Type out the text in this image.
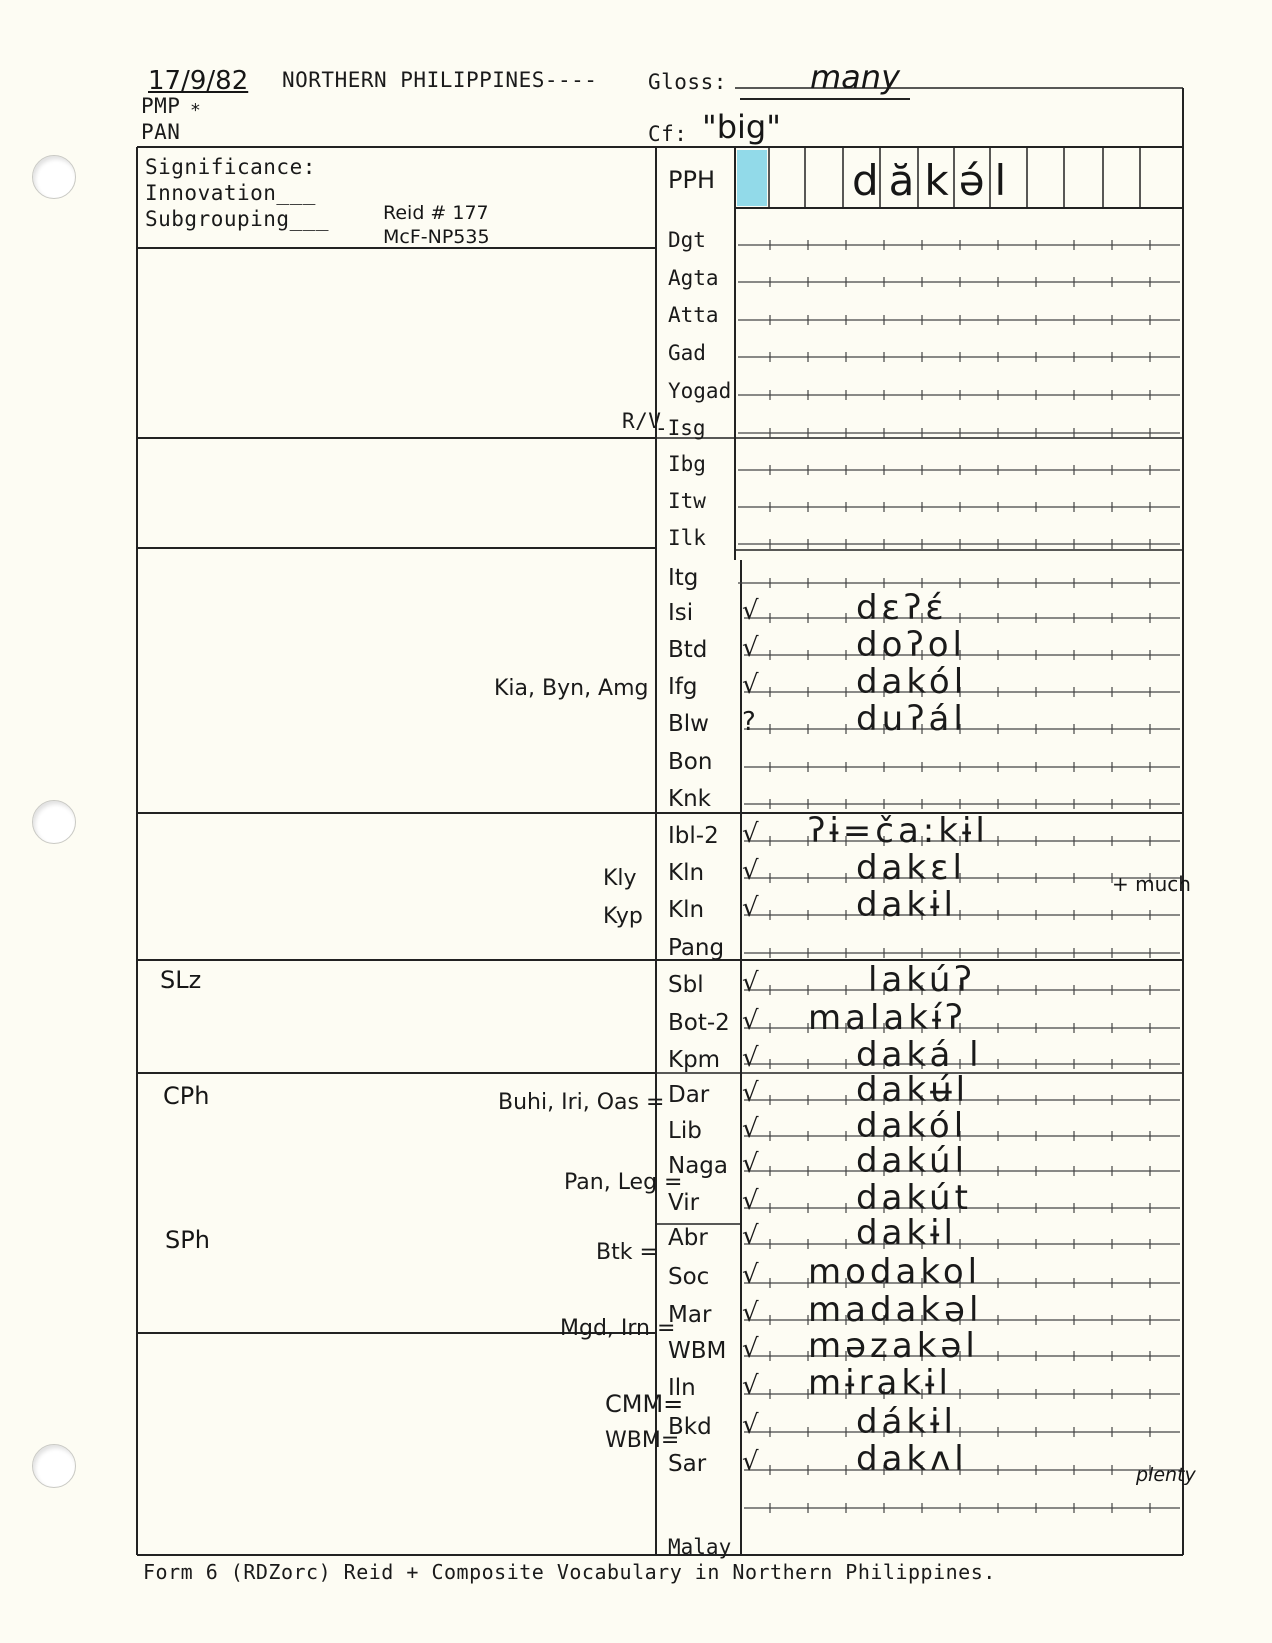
17/9/82 NORTHERN PHILIPPINES---- Gloss:	many
PMP *
PAN	Cf: "big"
Significance:
Innovation___
Subgrouping___	Reid # 177
McF-NP535
PPH	dăkə́l
Dgt
Agta
Atta
Gad
Yogad
-Isg
Ibg
Itw
Ilk
Itg
Isi √	dɛʔɛ́
Btd √	doʔol
Ifg √	dakól
Blw ?	duʔál
Bon
Knk
Ibl-2 √ ʔɨ=ča:kɨl
Kln √	dakɛl
Kln √	dakɨl
Pang
Sbl √	lakúʔ
Bot-2 √ malakɨ́ʔ
Kpm √	daká l
Dar √	dakʉ́l
Lib √	dakól
Naga √	dakúl
Vir √	dakút
Abr √	dakɨl
Soc √ modakol
Mar √ madakəl
WBM √ məzakəl
Iln √ mɨrakɨl
Bkd √	dákɨl
Sar √	dakʌl
Malay
R/V
Kia, Byn, Amg
Kly
Kyp
+ much
SLz
CPh	Buhi, Iri, Oas =
Pan, Leg =
SPh	Btk =
Mgd, Irn =
CMM=
WBM=
plenty
Form 6 (RDZorc) Reid + Composite Vocabulary in Northern Philippines.
